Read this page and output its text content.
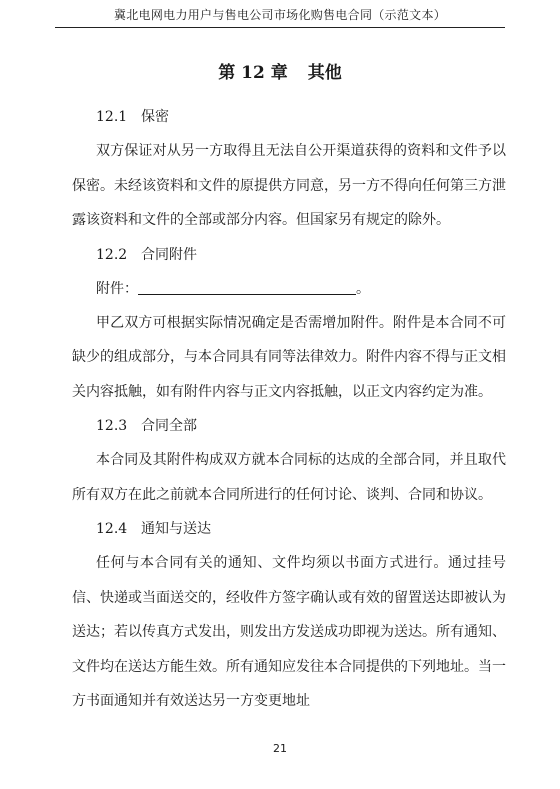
冀北电网电力用户与售电公司市场化购售电合同（示范文本）
第 12 章 其他
12.1 保密
双方保证对从另一方取得且无法自公开渠道获得的资料和文件予以保密。未经该资料和文件的原提供方同意，另一方不得向任何第三方泄露该资料和文件的全部或部分内容。但国家另有规定的除外。
12.2 合同附件
附件：	。
甲乙双方可根据实际情况确定是否需增加附件。附件是本合同不可缺少的组成部分，与本合同具有同等法律效力。附件内容不得与正文相关内容抵触，如有附件内容与正文内容抵触，以正文内容约定为准。
12.3 合同全部
本合同及其附件构成双方就本合同标的达成的全部合同，并且取代所有双方在此之前就本合同所进行的任何讨论、谈判、合同和协议。
12.4 通知与送达
任何与本合同有关的通知、文件均须以书面方式进行。通过挂号信、快递或当面送交的，经收件方签字确认或有效的留置送达即被认为送达；若以传真方式发出，则发出方发送成功即视为送达。所有通知、文件均在送达方能生效。所有通知应发往本合同提供的下列地址。当一方书面通知并有效送达另一方变更地址
21
